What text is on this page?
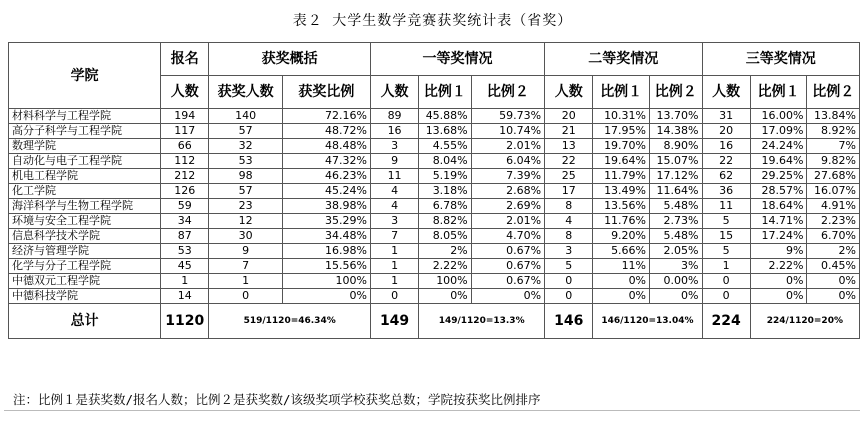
表２ 大学生数学竞赛获奖统计表（省奖）
学院	报名	获奖概括		一等奖情况			二等奖情况			三等奖情况		
	人数	获奖人数	获奖比例	人数	比例１	比例２	人数	比例１	比例２	人数	比例１	比例２
材料科学与工程学院	194	140	72.16%	89	45.88%	59.73%	20	10.31%	13.70%	31	16.00%	13.84%
高分子科学与工程学院	117	57	48.72%	16	13.68%	10.74%	21	17.95%	14.38%	20	17.09%	8.92%
数理学院	66	32	48.48%	3	4.55%	2.01%	13	19.70%	8.90%	16	24.24%	7%
自动化与电子工程学院	112	53	47.32%	9	8.04%	6.04%	22	19.64%	15.07%	22	19.64%	9.82%
机电工程学院	212	98	46.23%	11	5.19%	7.39%	25	11.79%	17.12%	62	29.25%	27.68%
化工学院	126	57	45.24%	4	3.18%	2.68%	17	13.49%	11.64%	36	28.57%	16.07%
海洋科学与生物工程学院	59	23	38.98%	4	6.78%	2.69%	8	13.56%	5.48%	11	18.64%	4.91%
环境与安全工程学院	34	12	35.29%	3	8.82%	2.01%	4	11.76%	2.73%	5	14.71%	2.23%
信息科学技术学院	87	30	34.48%	7	8.05%	4.70%	8	9.20%	5.48%	15	17.24%	6.70%
经济与管理学院	53	9	16.98%	1	2%	0.67%	3	5.66%	2.05%	5	9%	2%
化学与分子工程学院	45	7	15.56%	1	2.22%	0.67%	5	11%	3%	1	2.22%	0.45%
中德双元工程学院	1	1	100%	1	100%	0.67%	0	0%	0.00%	0	0%	0%
中德科技学院	14	0	0%	0	0%	0%	0	0%	0%	0	0%	0%
总计	1120	519/1120=46.34%		149	149/1120=13.3%		146	146/1120=13.04%		224	224/1120=20%	
注：比例１是获奖数/报名人数；比例２是获奖数/该级奖项学校获奖总数；学院按获奖比例排序
